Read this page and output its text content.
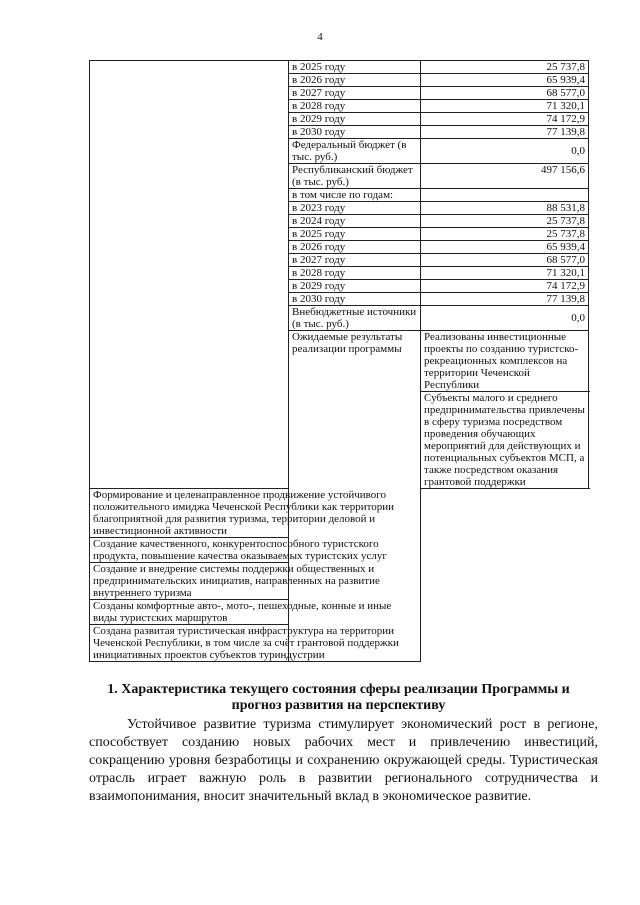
4
	в 2025 году	25 737,8
	в 2026 году	65 939,4
	в 2027 году	68 577,0
	в 2028 году	71 320,1
	в 2029 году	74 172,9
	в 2030 году	77 139,8
	Федеральный бюджет (в тыс. руб.)	0,0
	Республиканский бюджет (в тыс. руб.)	497 156,6
	в том числе по годам:	
	в 2023 году	88 531,8
	в 2024 году	25 737,8
	в 2025 году	25 737,8
	в 2026 году	65 939,4
	в 2027 году	68 577,0
	в 2028 году	71 320,1
	в 2029 году	74 172,9
	в 2030 году	77 139,8
	Внебюджетные источники (в тыс. руб.)	0,0
	Ожидаемые результаты реализации программы	Реализованы инвестиционные проекты по созданию туристско-рекреационных комплексов на территории Чеченской Республики
		Субъекты малого и среднего предпринимательства привлечены в сферу туризма посредством проведения обучающих мероприятий для действующих и потенциальных субъектов МСП, а также посредством оказания грантовой поддержки
Формирование и целенаправленное продвижение устойчивого положительного имиджа Чеченской Республики как территории благоприятной для развития туризма, территории деловой и инвестиционной активности		
Создание качественного, конкурентоспособного туристского продукта, повышение качества оказываемых туристских услуг		
Создание и внедрение системы поддержки общественных и предпринимательских инициатив, направленных на развитие внутреннего туризма		
Созданы комфортные авто-, мото-, пешеходные, конные и иные виды туристских маршрутов		
Создана развитая туристическая инфраструктура на территории Чеченской Республики, в том числе за счёт грантовой поддержки инициативных проектов субъектов туриндустрии		
1. Характеристика текущего состояния сферы реализации Программы и прогноз развития на перспективу

Устойчивое развитие туризма стимулирует экономический рост в регионе, способствует созданию новых рабочих мест и привлечению инвестиций, сокращению уровня безработицы и сохранению окружающей среды. Туристическая отрасль играет важную роль в развитии регионального сотрудничества и взаимопонимания, вносит значительный вклад в экономическое развитие.
